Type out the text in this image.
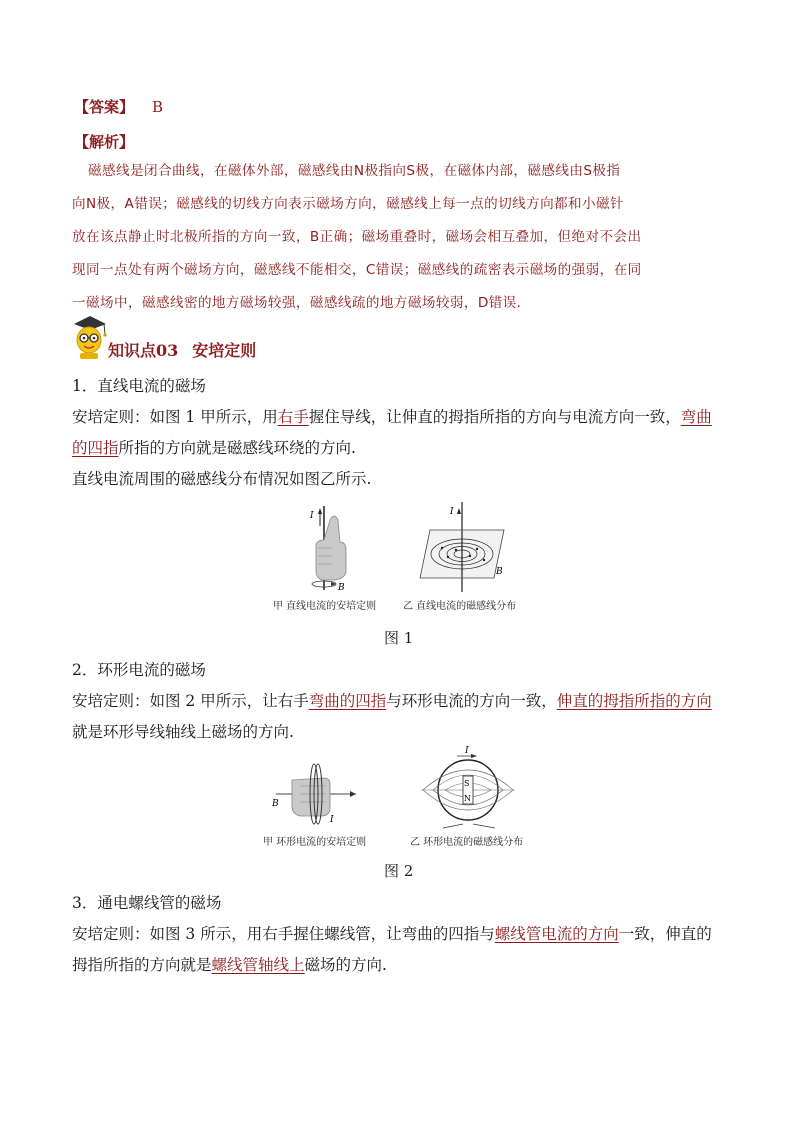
【答案】 B
【解析】
磁感线是闭合曲线，在磁体外部，磁感线由N极指向S极，在磁体内部，磁感线由S极指
向N极，A错误；磁感线的切线方向表示磁场方向，磁感线上每一点的切线方向都和小磁针
放在该点静止时北极所指的方向一致，B正确；磁场重叠时，磁场会相互叠加，但绝对不会出
现同一点处有两个磁场方向，磁感线不能相交，C错误；磁感线的疏密表示磁场的强弱，在同
一磁场中，磁感线密的地方磁场较强，磁感线疏的地方磁场较弱，D错误.
知识点03 安培定则
1．直线电流的磁场
安培定则：如图 1 甲所示，用右手握住导线，让伸直的拇指所指的方向与电流方向一致，弯曲
的四指所指的方向就是磁感线环绕的方向.
直线电流周围的磁感线分布情况如图乙所示.
I
B
I
B
甲 直线电流的安培定则	乙 直线电流的磁感线分布
图 1
2．环形电流的磁场
安培定则：如图 2 甲所示，让右手弯曲的四指与环形电流的方向一致，伸直的拇指所指的方向
就是环形导线轴线上磁场的方向.
B
I
I
S
N
甲 环形电流的安培定则	乙 环形电流的磁感线分布
图 2
3．通电螺线管的磁场
安培定则：如图 3 所示，用右手握住螺线管，让弯曲的四指与螺线管电流的方向一致，伸直的
拇指所指的方向就是螺线管轴线上磁场的方向.
